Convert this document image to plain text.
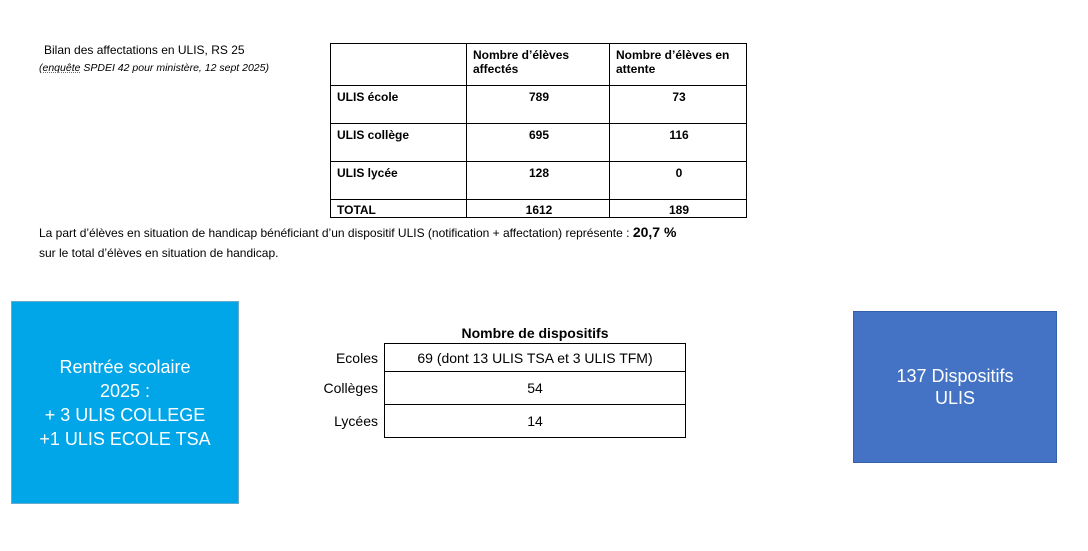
Bilan des affectations en ULIS, RS 25
(enquête SPDEI 42 pour ministère, 12 sept 2025)
	Nombre d’élèves affectés	Nombre d’élèves en attente
ULIS école	789	73
ULIS collège	695	116
ULIS lycée	128	0
TOTAL	1612	189
La part d’élèves en situation de handicap bénéficiant d’un dispositif ULIS (notification + affectation) représente : 20,7 %
sur le total d’élèves en situation de handicap.
Rentrée scolaire
2025 :
+ 3 ULIS COLLEGE
+1 ULIS ECOLE TSA
Nombre de dispositifs
Ecoles	69 (dont 13 ULIS TSA et 3 ULIS TFM)
Collèges	54
Lycées	14
137 Dispositifs
ULIS
